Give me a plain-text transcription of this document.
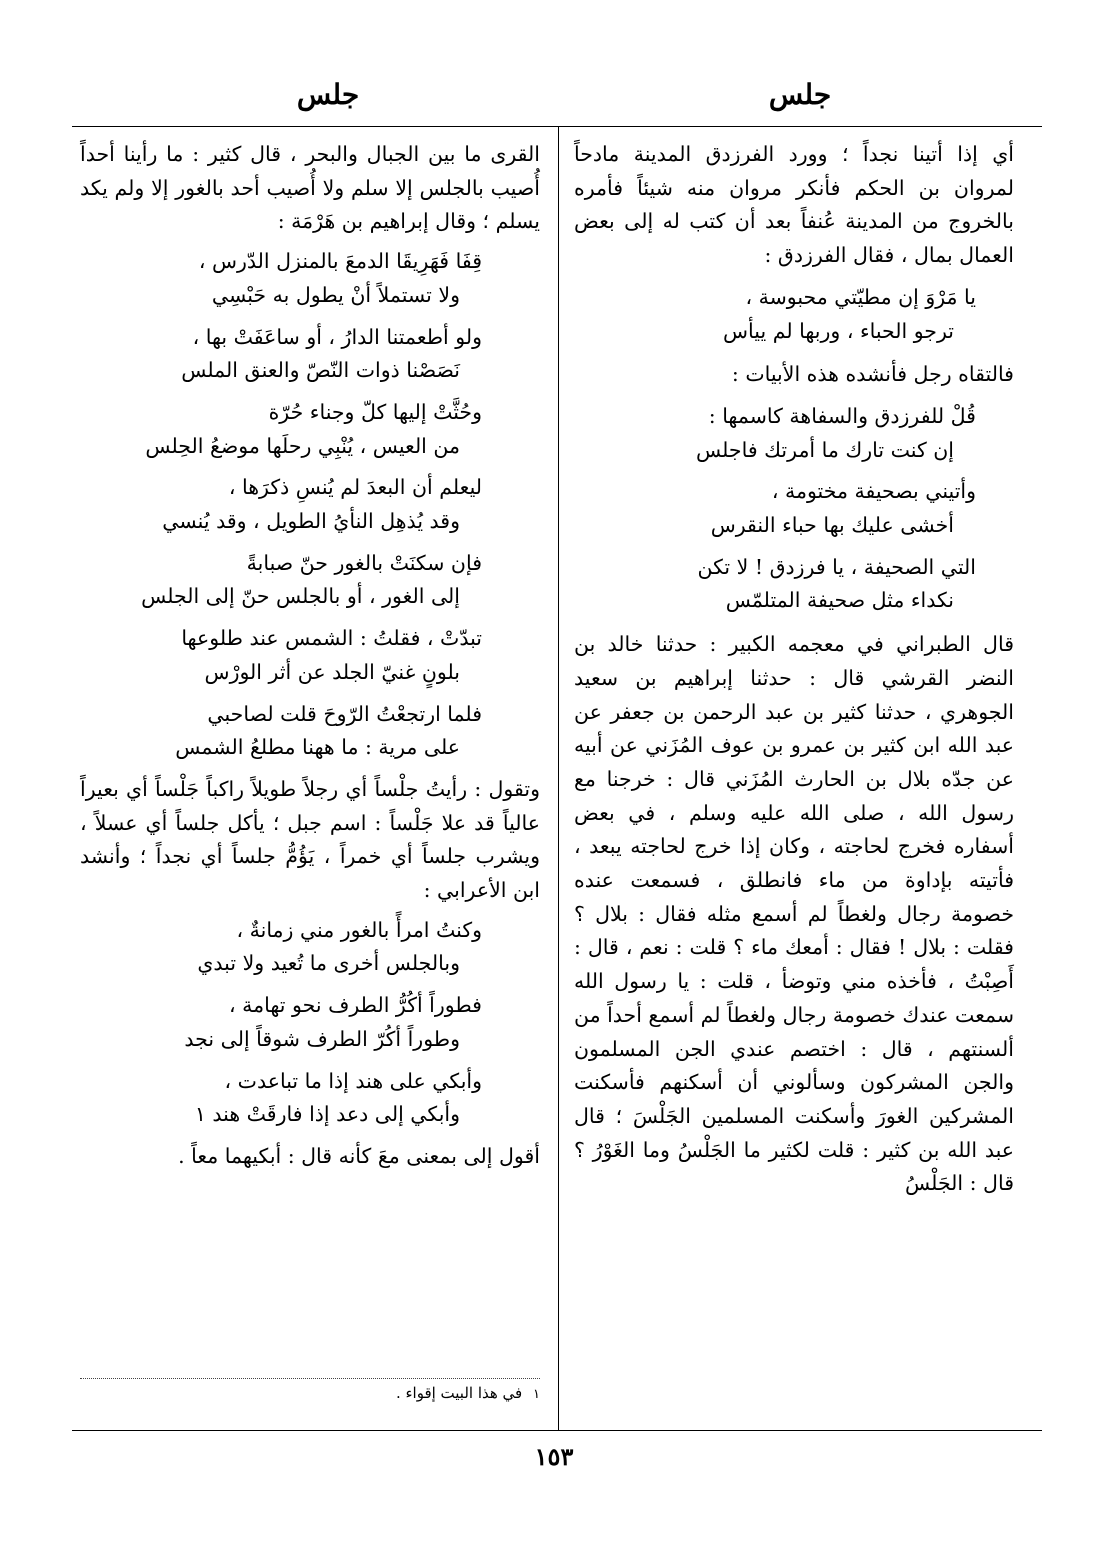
جلس
جلس

أي إذا أتينا نجداً ؛ وورد الفرزدق المدينة مادحاً لمروان بن الحكم فأنكر مروان منه شيئاً فأمره بالخروج من المدينة عُنفاً بعد أن كتب له إلى بعض العمال بمال ، فقال الفرزدق :

يا مَرْوَ إن مطيّتي محبوسة ،
ترجو الحباء ، وربها لم ييأس

فالتقاه رجل فأنشده هذه الأبيات :

قُلْ للفرزدق والسفاهة كاسمها :
إن كنت تارك ما أمرتك فاجلس
وأتيني بصحيفة مختومة ،
أخشى عليك بها حباء النقرس
التي الصحيفة ، يا فرزدق ! لا تكن
نكداء مثل صحيفة المتلمّس

قال الطبراني في معجمه الكبير : حدثنا خالد بن النضر القرشي قال : حدثنا إبراهيم بن سعيد الجوهري ، حدثنا كثير بن عبد الرحمن بن جعفر عن عبد الله ابن كثير بن عمرو بن عوف المُزَني عن أبيه عن جدّه بلال بن الحارث المُزَني قال : خرجنا مع رسول الله ، صلى الله عليه وسلم ، في بعض أسفاره فخرج لحاجته ، وكان إذا خرج لحاجته يبعد ، فأتيته بإداوة من ماء فانطلق ، فسمعت عنده خصومة رجال ولغطاً لم أسمع مثله فقال : بلال ؟ فقلت : بلال ! فقال : أمعك ماء ؟ قلت : نعم ، قال : أَصِبْتُ ، فأخذه مني وتوضأ ، قلت : يا رسول الله سمعت عندك خصومة رجال ولغطاً لم أسمع أحداً من ألسنتهم ، قال : اختصم عندي الجن المسلمون والجن المشركون وسألوني أن أسكنهم فأسكنت المشركين الغورَ وأسكنت المسلمين الجَلْسَ ؛ قال عبد الله بن كثير : قلت لكثير ما الجَلْسُ وما الغَوْرُ ؟ قال : الجَلْسُ

القرى ما بين الجبال والبحر ، قال كثير : ما رأينا أحداً أُصيب بالجلس إلا سلم ولا أُصيب أحد بالغور إلا ولم يكد يسلم ؛ وقال إبراهيم بن هَرْمَة :

قِفَا فَهَرِيقَا الدمعَ بالمنزل الدّرس ،
ولا تستملاً أنْ يطول به حَبْسِي
ولو أطعمتنا الدارُ ، أو ساعَفَتْ بها ،
نَصَصْنا ذوات النّصّ والعنق الملس
وحُثَّتْ إليها كلّ وجناء حُرّة
من العيس ، يُنْبِي رحلَها موضعُ الحِلس
ليعلم أن البعدَ لم يُنسِ ذكرَها ،
وقد يُذهِل النأيُ الطويل ، وقد يُنسي
فإن سكنَتْ بالغور حنّ صبابةً
إلى الغور ، أو بالجلس حنّ إلى الجلس
تبدّتْ ، فقلتُ : الشمس عند طلوعها
بلونٍ غنيّ الجلد عن أثر الورْس
فلما ارتجعْتُ الرّوحَ قلت لصاحبي
على مرية : ما ههنا مطلعُ الشمس

وتقول : رأيتُ جلْساً أي رجلاً طويلاً راكباً جَلْساً أي بعيراً عالياً قد علا جَلْساً : اسم جبل ؛ يأكل جلساً أي عسلاً ، ويشرب جلساً أي خمراً ، يَؤُمُّ جلساً أي نجداً ؛ وأنشد ابن الأعرابي :

وكنتُ امرأً بالغور مني زمانةٌ ،
وبالجلس أخرى ما تُعيد ولا تبدي
فطوراً أكُرُّ الطرف نحو تهامة ،
وطوراً أكُرّ الطرف شوقاً إلى نجد
وأبكي على هند إذا ما تباعدت ،
وأبكي إلى دعد إذا فارقَتْ هند ١

أقول إلى بمعنى معَ كأنه قال : أبكيهما معاً .

١ في هذا البيت إقواء .
١٥٣
